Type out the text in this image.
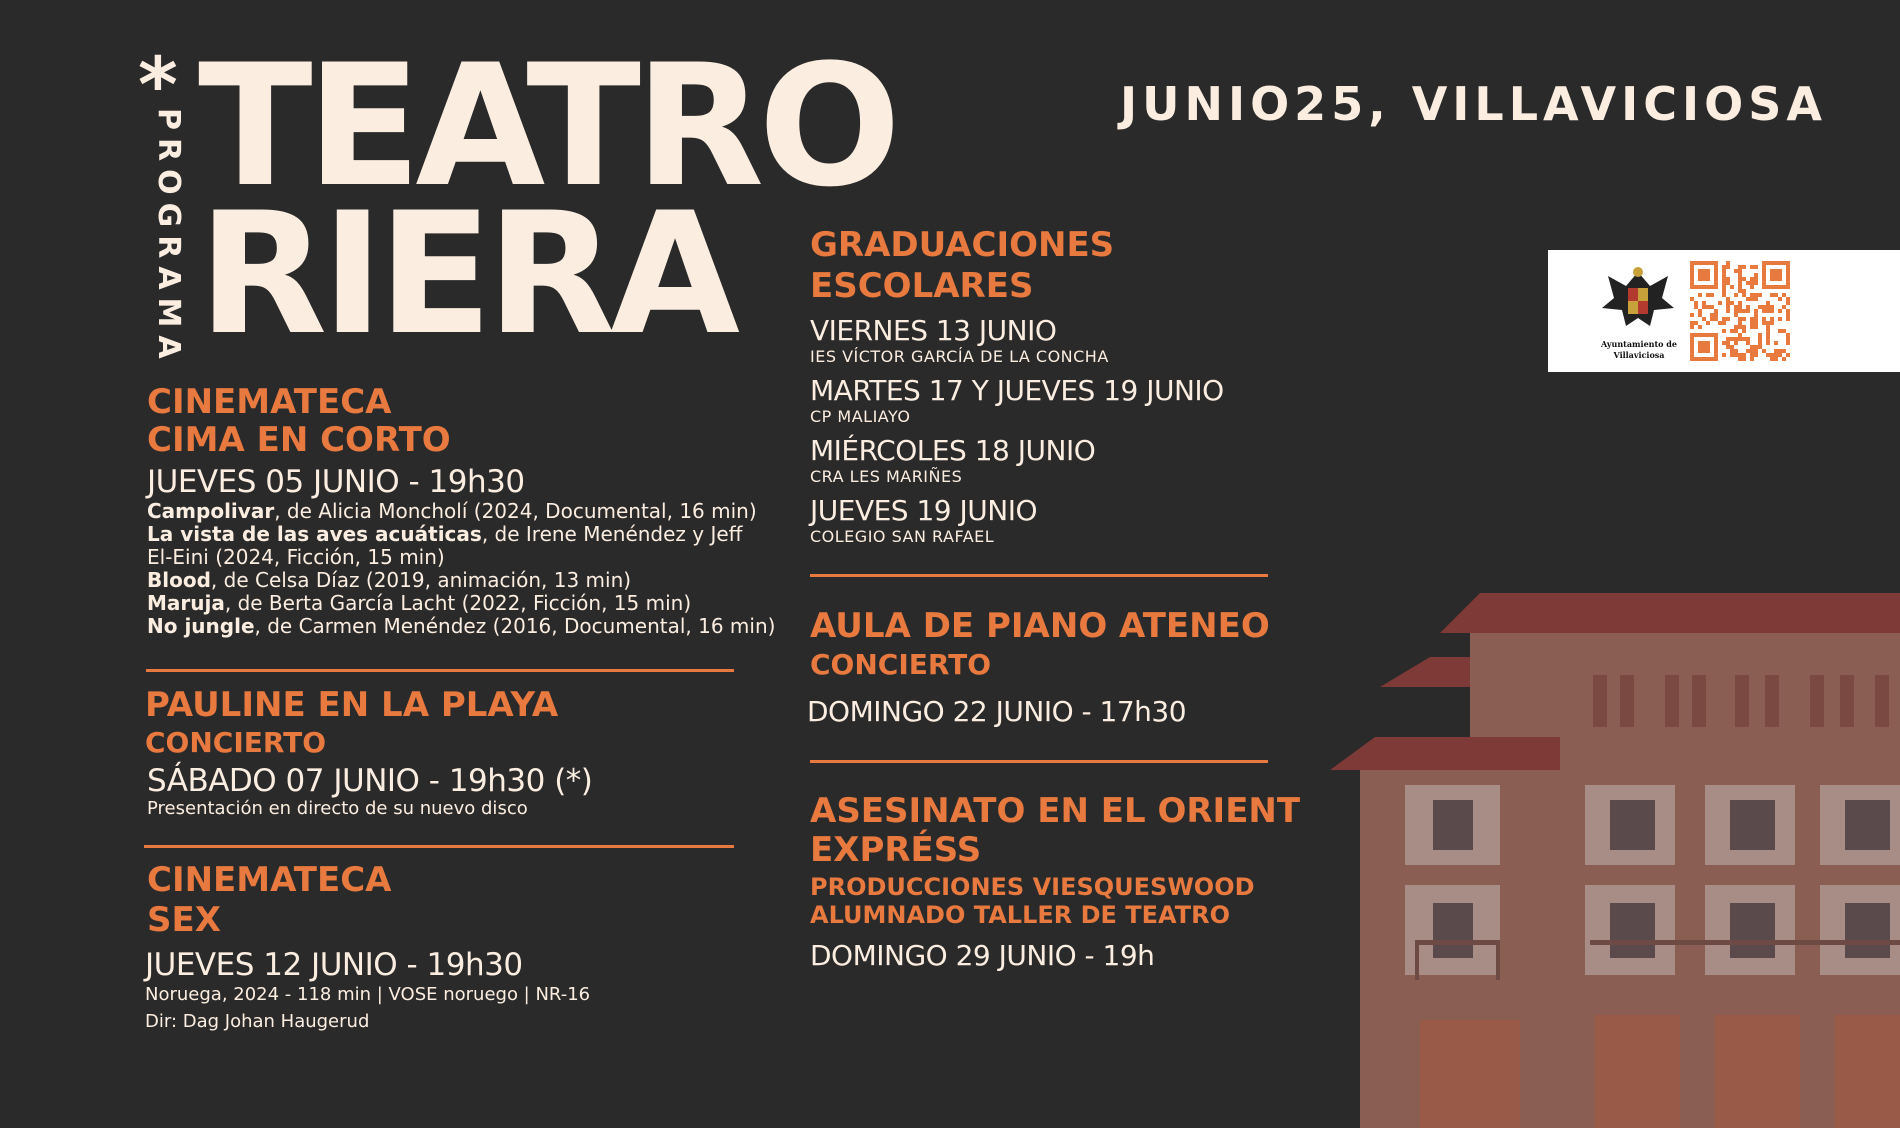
*
PROGRAMA TEATRO
RIERA
JUNIO25, VILLAVICIOSA
Ayuntamiento de
Villaviciosa
CINEMATECA
CIMA EN CORTO
JUEVES 05 JUNIO - 19h30
Campolivar, de Alicia Moncholí (2024, Documental, 16 min)
La vista de las aves acuáticas, de Irene Menéndez y Jeff
El-Eini (2024, Ficción, 15 min)
Blood, de Celsa Díaz (2019, animación, 13 min)
Maruja, de Berta García Lacht (2022, Ficción, 15 min)
No jungle, de Carmen Menéndez (2016, Documental, 16 min)
PAULINE EN LA PLAYA
CONCIERTO
SÁBADO 07 JUNIO - 19h30 (*)
Presentación en directo de su nuevo disco
CINEMATECA
SEX
JUEVES 12 JUNIO - 19h30
Noruega, 2024 - 118 min | VOSE noruego | NR-16
Dir: Dag Johan Haugerud
GRADUACIONES
ESCOLARES
VIERNES 13 JUNIO
IES VÍCTOR GARCÍA DE LA CONCHA
MARTES 17 Y JUEVES 19 JUNIO
CP MALIAYO
MIÉRCOLES 18 JUNIO
CRA LES MARIÑES
JUEVES 19 JUNIO
COLEGIO SAN RAFAEL
AULA DE PIANO ATENEO
CONCIERTO
DOMINGO 22 JUNIO - 17h30
ASESINATO EN EL ORIENT
EXPRÉSS
PRODUCCIONES VIESQUESWOOD
ALUMNADO TALLER DE TEATRO
DOMINGO 29 JUNIO - 19h
